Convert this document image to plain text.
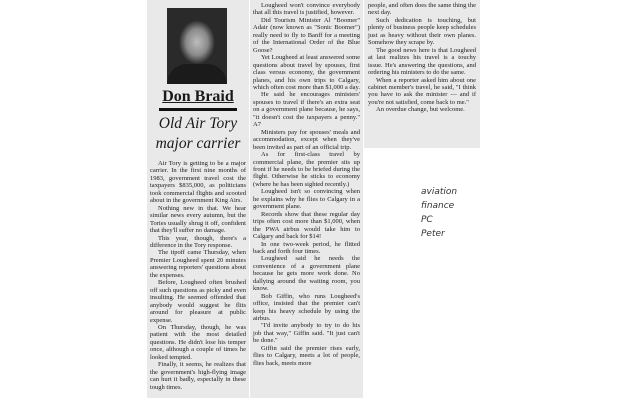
Don Braid
Old Air Tory major carrier

Air Tory is getting to be a major carrier. In the first nine months of 1983, government travel cost the taxpayers $835,000, as politicians took commercial flights and scooted about in the government King Airs.

Nothing new in that. We hear similar news every autumn, but the Tories usually shrug it off, confident that they'll suffer no damage.

This year, though, there's a difference in the Tory response.

The tipoff came Thursday, when Premier Lougheed spent 20 minutes answering reporters' questions about the expenses.

Before, Lougheed often brushed off such questions as picky and even insulting. He seemed offended that anybody would suggest he flits around for pleasure at public expense.

On Thursday, though, he was patient with the most detailed questions. He didn't lose his temper once, although a couple of times he looked tempted.

Finally, it seems, he realizes that the government's high-flying image can hurt it badly, especially in these tough times.

Lougheed won't convince everybody that all this travel is justified, however.

Did Tourism Minister Al "Boomer" Adair (now known as "Sonic Boomer") really need to fly to Banff for a meeting of the International Order of the Blue Goose?

Yet Lougheed at least answered some questions about travel by spouses, first class versus economy, the government planes, and his own trips to Calgary, which often cost more than $1,000 a day.

He said he encourages ministers' spouses to travel if there's an extra seat on a government plane because, he says, "it doesn't cost the taxpayers a penny." A7

Ministers pay for spouses' meals and accommodation, except when they've been invited as part of an official trip.

As for first-class travel by commercial plane, the premier sits up front if he needs to be briefed during the flight. Otherwise he sticks to economy (where he has been sighted recently.)

Lougheed isn't so convincing when he explains why he flies to Calgary in a government plane.

Records show that these regular day trips often cost more than $1,000, when the PWA airbus would take him to Calgary and back for $14!

In one two-week period, he flitted back and forth four times.

Lougheed said he needs the convenience of a government plane because he gets more work done. No dallying around the waiting room, you know.

Bob Giffin, who runs Lougheed's office, insisted that the premier can't keep his heavy schedule by using the airbus.

"I'd invite anybody to try to do his job that way," Giffin said. "It just can't be done."

Giffin said the premier rises early, flies to Calgary, meets a lot of people, flies back, meets more

people, and often does the same thing the next day.

Such dedication is touching, but plenty of business people keep schedules just as heavy without their own planes. Somehow they scrape by.

The good news here is that Lougheed at last realizes his travel is a touchy issue. He's answering the questions, and ordering his ministers to do the same.

When a reporter asked him about one cabinet member's travel, he said, "I think you have to ask the minister — and if you're not satisfied, come back to me."

An overdue change, but welcome.

aviation
finance
PC
Peter
